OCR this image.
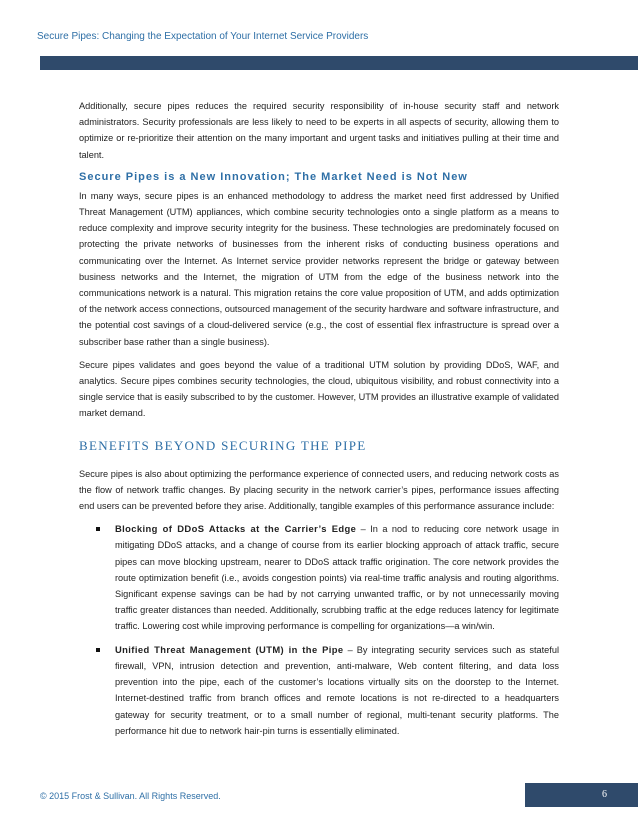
Secure Pipes: Changing the Expectation of Your Internet Service Providers

Additionally, secure pipes reduces the required security responsibility of in-house security staff and network administrators. Security professionals are less likely to need to be experts in all aspects of security, allowing them to optimize or re-prioritize their attention on the many important and urgent tasks and initiatives pulling at their time and talent.

Secure Pipes is a New Innovation; The Market Need is Not New

In many ways, secure pipes is an enhanced methodology to address the market need first addressed by Unified Threat Management (UTM) appliances, which combine security technologies onto a single platform as a means to reduce complexity and improve security integrity for the business. These technologies are predominately focused on protecting the private networks of businesses from the inherent risks of conducting business operations and communicating over the Internet. As Internet service provider networks represent the bridge or gateway between business networks and the Internet, the migration of UTM from the edge of the business network into the communications network is a natural. This migration retains the core value proposition of UTM, and adds optimization of the network access connections, outsourced management of the security hardware and software infrastructure, and the potential cost savings of a cloud-delivered service (e.g., the cost of essential flex infrastructure is spread over a subscriber base rather than a single business).

Secure pipes validates and goes beyond the value of a traditional UTM solution by providing DDoS, WAF, and analytics. Secure pipes combines security technologies, the cloud, ubiquitous visibility, and robust connectivity into a single service that is easily subscribed to by the customer. However, UTM provides an illustrative example of validated market demand.

BENEFITS BEYOND SECURING THE PIPE

Secure pipes is also about optimizing the performance experience of connected users, and reducing network costs as the flow of network traffic changes. By placing security in the network carrier’s pipes, performance issues affecting end users can be prevented before they arise. Additionally, tangible examples of this performance assurance include:

Blocking of DDoS Attacks at the Carrier’s Edge – In a nod to reducing core network usage in mitigating DDoS attacks, and a change of course from its earlier blocking approach of attack traffic, secure pipes can move blocking upstream, nearer to DDoS attack traffic origination. The core network provides the route optimization benefit (i.e., avoids congestion points) via real-time traffic analysis and routing algorithms. Significant expense savings can be had by not carrying unwanted traffic, or by not unnecessarily moving traffic greater distances than needed. Additionally, scrubbing traffic at the edge reduces latency for legitimate traffic. Lowering cost while improving performance is compelling for organizations—a win/win.

Unified Threat Management (UTM) in the Pipe – By integrating security services such as stateful firewall, VPN, intrusion detection and prevention, anti-malware, Web content filtering, and data loss prevention into the pipe, each of the customer’s locations virtually sits on the doorstep to the Internet. Internet-destined traffic from branch offices and remote locations is not re-directed to a headquarters gateway for security treatment, or to a small number of regional, multi-tenant security platforms. The performance hit due to network hair-pin turns is essentially eliminated.

© 2015 Frost & Sullivan. All Rights Reserved.	6
